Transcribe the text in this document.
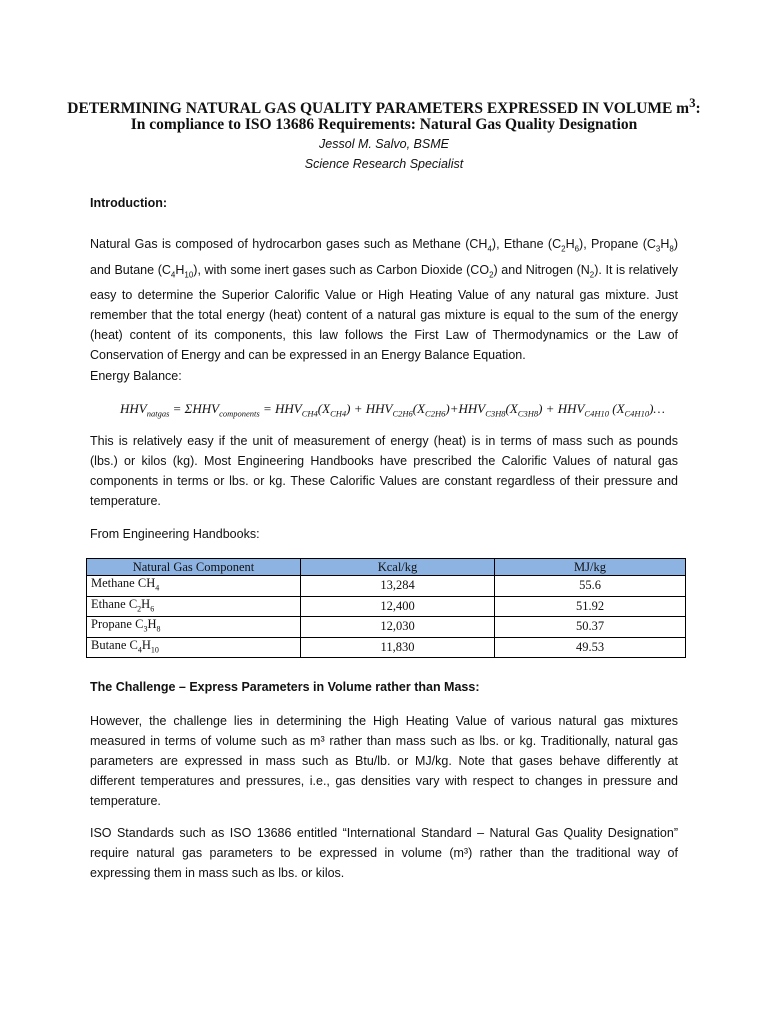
DETERMINING NATURAL GAS QUALITY PARAMETERS EXPRESSED IN VOLUME $m^3$:
In compliance to ISO 13686 Requirements: Natural Gas Quality Designation
Jessol M. Salvo, BSME
Science Research Specialist
Introduction:
Natural Gas is composed of hydrocarbon gases such as Methane $(CH_4)$, Ethane $(C_2H_6)$, Propane $(C_3H_8)$ and Butane $(C_4H_{10})$, with some inert gases such as Carbon Dioxide $(CO_2)$ and Nitrogen $(N_2)$. It is relatively easy to determine the Superior Calorific Value or High Heating Value of any natural gas mixture. Just remember that the total energy (heat) content of a natural gas mixture is equal to the sum of the energy (heat) content of its components, this law follows the First Law of Thermodynamics or the Law of Conservation of Energy and can be expressed in an Energy Balance Equation.
Energy Balance:
$HHV_{natgas} = \Sigma HHV_{components} = HHV_{CH4}(X_{CH4}) + HHV_{C2H6}(X_{C2H6})+HHV_{C3H8}(X_{C3H8}) + HHV_{C4H10}$ $(X_{C4H10})\dots$
This is relatively easy if the unit of measurement of energy (heat) is in terms of mass such as pounds (lbs.) or kilos (kg). Most Engineering Handbooks have prescribed the Calorific Values of natural gas components in terms or lbs. or kg. These Calorific Values are constant regardless of their pressure and temperature.
From Engineering Handbooks:
Natural Gas Component	Kcal/kg	MJ/kg
Methane $CH_4$	13,284	55.6
Ethane $C_2H_6$	12,400	51.92
Propane $C_3H_8$	12,030	50.37
Butane $C_4H_{10}$	11,830	49.53
The Challenge – Express Parameters in Volume rather than Mass:
However, the challenge lies in determining the High Heating Value of various natural gas mixtures measured in terms of volume such as m³ rather than mass such as lbs. or kg. Traditionally, natural gas parameters are expressed in mass such as Btu/lb. or MJ/kg. Note that gases behave differently at different temperatures and pressures, i.e., gas densities vary with respect to changes in pressure and temperature.
ISO Standards such as ISO 13686 entitled “International Standard – Natural Gas Quality Designation” require natural gas parameters to be expressed in volume (m³) rather than the traditional way of expressing them in mass such as lbs. or kilos.
